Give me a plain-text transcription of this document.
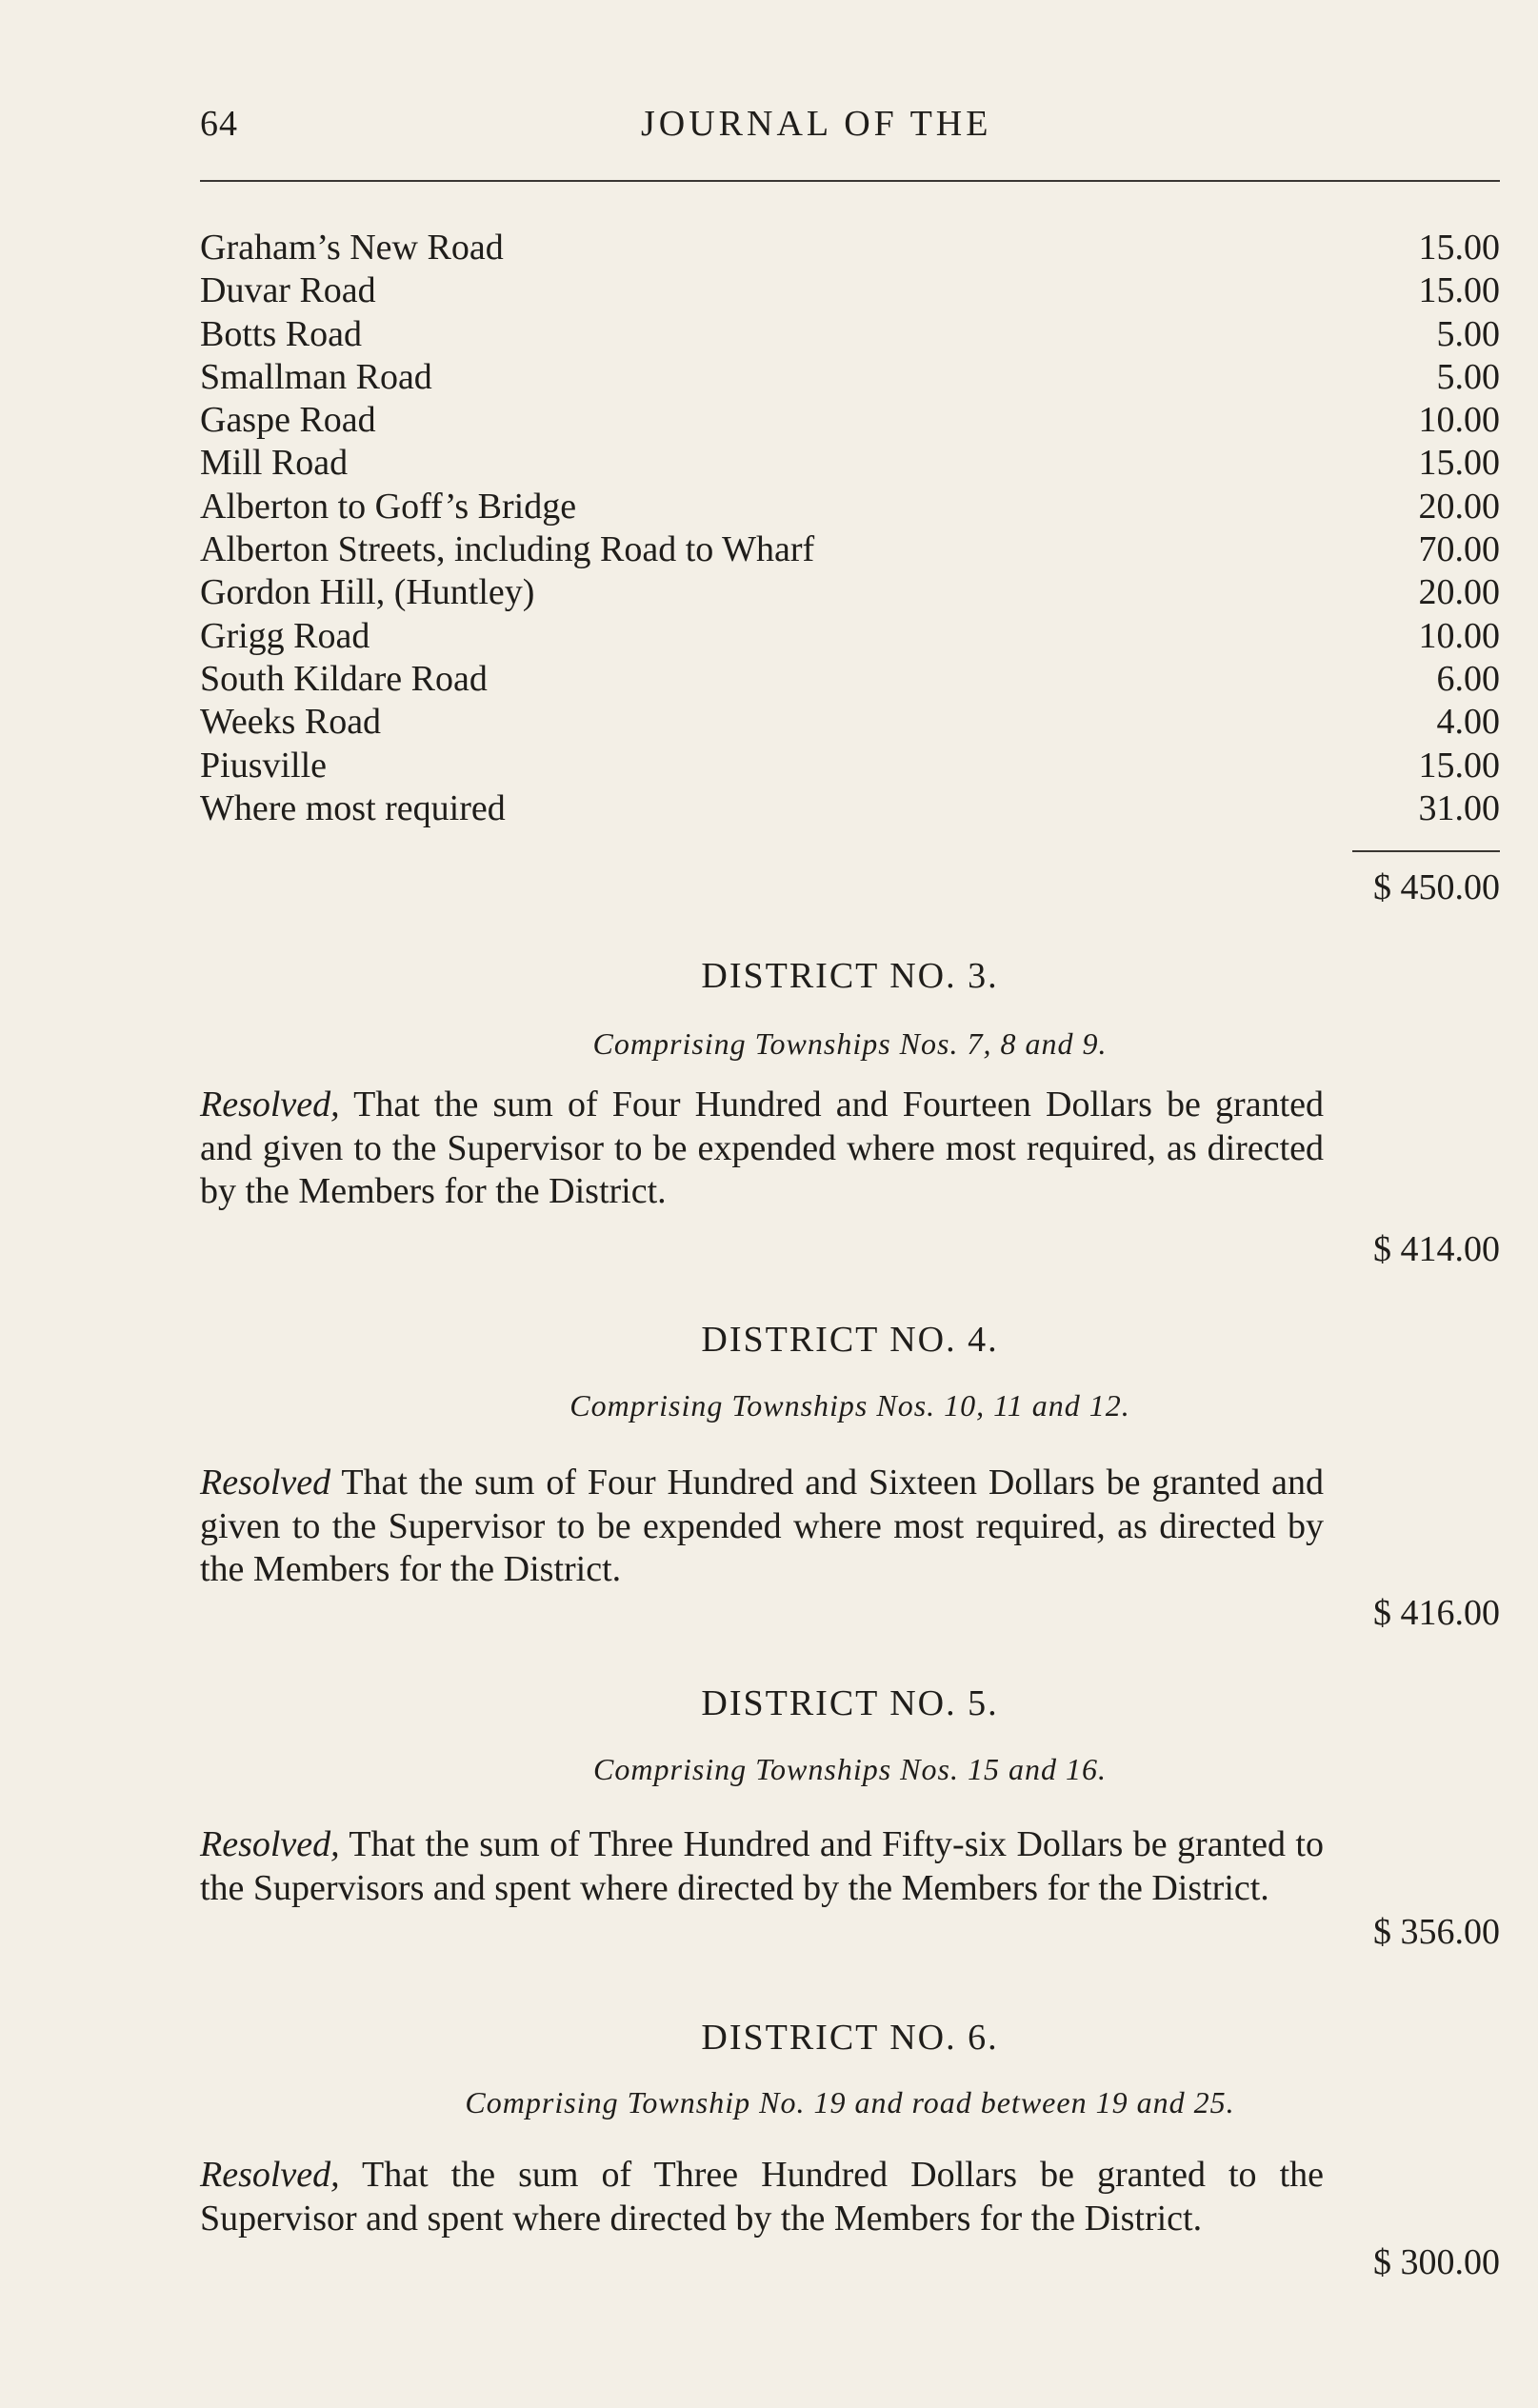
64	JOURNAL OF THE
Graham’s New Road	15.00
Duvar Road	15.00
Botts Road	5.00
Smallman Road	5.00
Gaspe Road	10.00
Mill Road	15.00
Alberton to Goff’s Bridge	20.00
Alberton Streets, including Road to Wharf	70.00
Gordon Hill, (Huntley)	20.00
Grigg Road	10.00
South Kildare Road	6.00
Weeks Road	4.00
Piusville	15.00
Where most required	31.00
$ 450.00
DISTRICT NO. 3.
Comprising Townships Nos. 7, 8 and 9.
Resolved, That the sum of Four Hundred and Fourteen Dollars be granted and given to the Supervisor to be expended where most required, as directed by the Members for the District.
$ 414.00
DISTRICT NO. 4.
Comprising Townships Nos. 10, 11 and 12.
Resolved That the sum of Four Hundred and Sixteen Dollars be granted and given to the Supervisor to be expended where most required, as directed by the Members for the District.
$ 416.00
DISTRICT NO. 5.
Comprising Townships Nos. 15 and 16.
Resolved, That the sum of Three Hundred and Fifty-six Dollars be granted to the Supervisors and spent where directed by the Members for the District.
$ 356.00
DISTRICT NO. 6.
Comprising Township No. 19 and road between 19 and 25.
Resolved, That the sum of Three Hundred Dollars be granted to the Supervisor and spent where directed by the Members for the District.
$ 300.00
